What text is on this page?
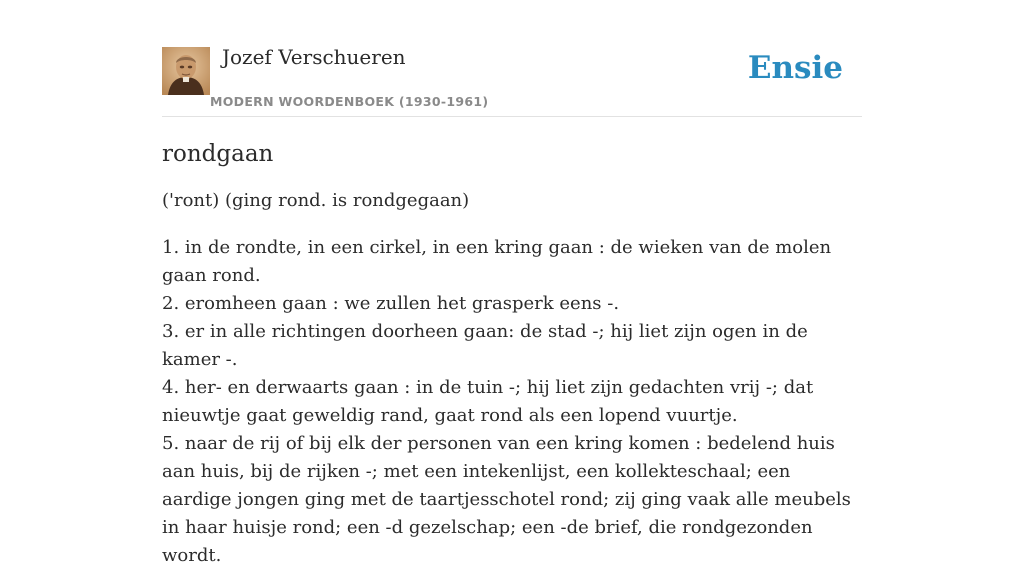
Jozef Verschueren
MODERN WOORDENBOEK (1930-1961)
Ensie
rondgaan

('ront) (ging rond. is rondgegaan)

1. in de rondte, in een cirkel, in een kring gaan : de wieken van de molen gaan rond.
2. eromheen gaan : we zullen het grasperk eens -.
3. er in alle richtingen doorheen gaan: de stad -; hij liet zijn ogen in de kamer -.
4. her- en derwaarts gaan : in de tuin -; hij liet zijn gedachten vrij -; dat nieuwtje gaat geweldig rand, gaat rond als een lopend vuurtje.
5. naar de rij of bij elk der personen van een kring komen : bedelend huis aan huis, bij de rijken -; met een intekenlijst, een kollekteschaal; een aardige jongen ging met de taartjesschotel rond; zij ging vaak alle meubels in haar huisje rond; een -d gezelschap; een -de brief, die rondgezonden wordt.
